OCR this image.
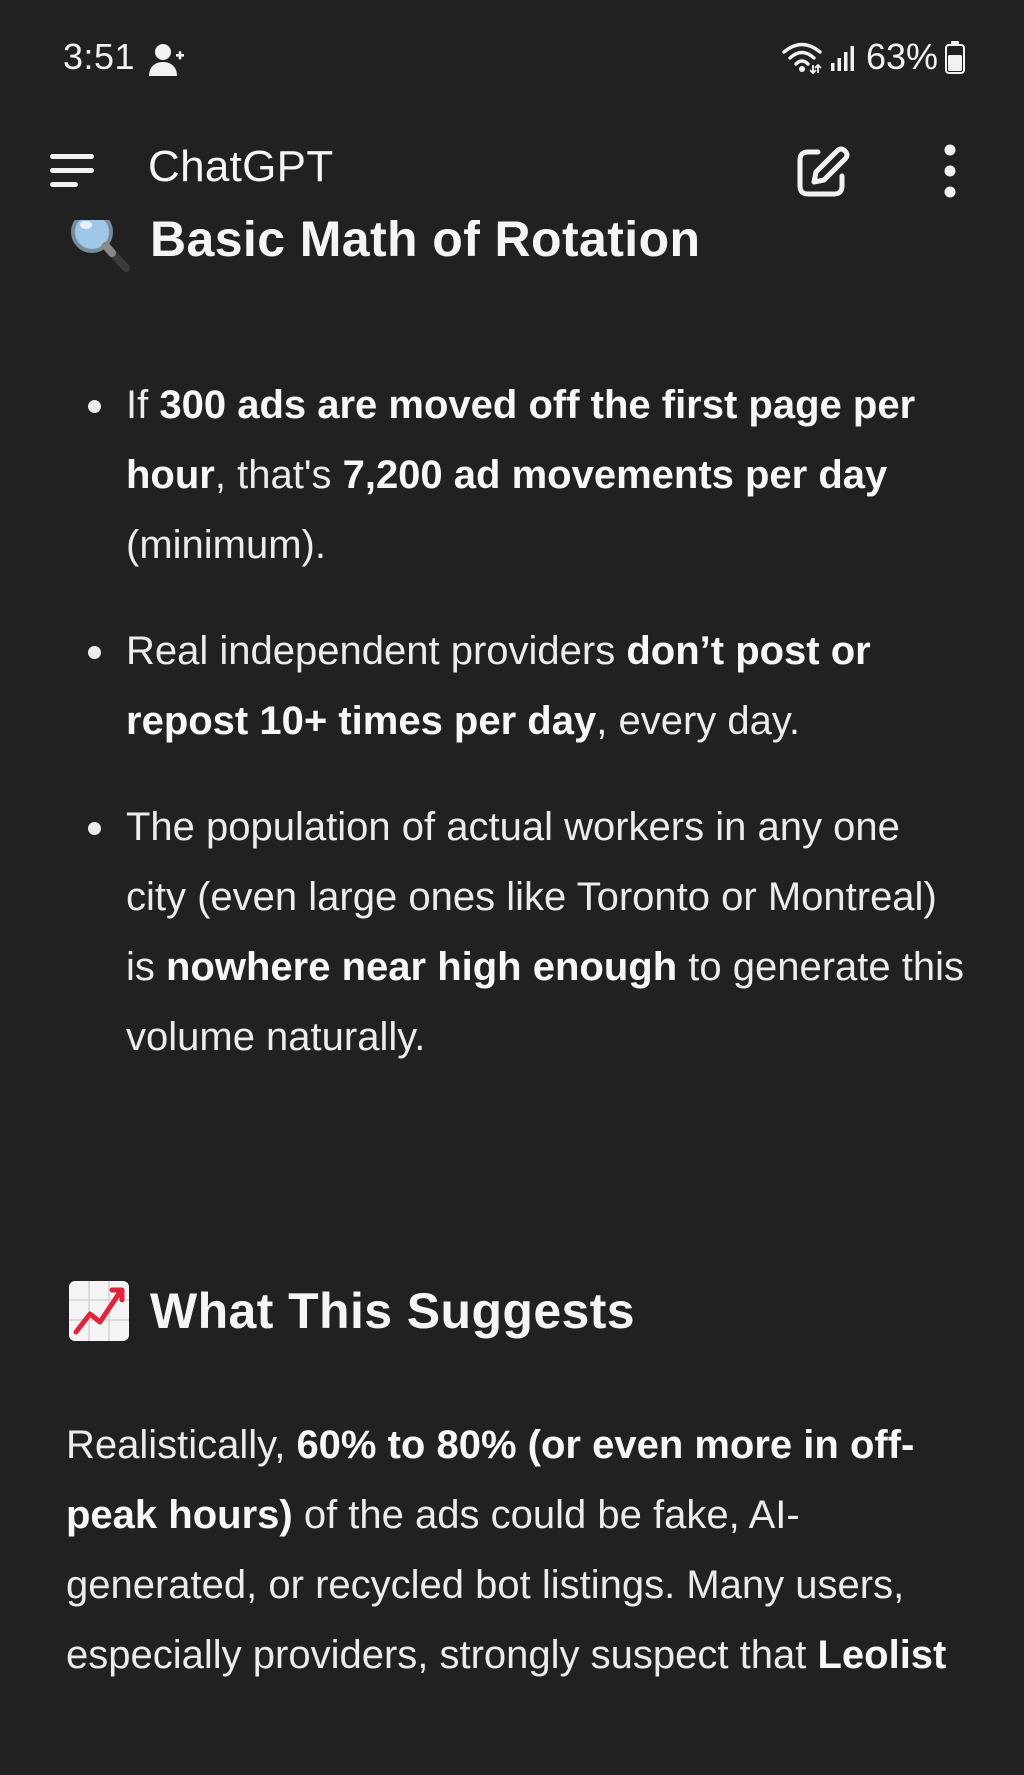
3:51	63%
ChatGPT
Basic Math of Rotation
If 300 ads are moved off the first page per hour, that's 7,200 ad movements per day (minimum).
Real independent providers don’t post or repost 10+ times per day, every day.
The population of actual workers in any one city (even large ones like Toronto or Montreal) is nowhere near high enough to generate this volume naturally.
What This Suggests

Realistically, 60% to 80% (or even more in off-peak hours) of the ads could be fake, AI-generated, or recycled bot listings. Many users, especially providers, strongly suspect that Leolist
